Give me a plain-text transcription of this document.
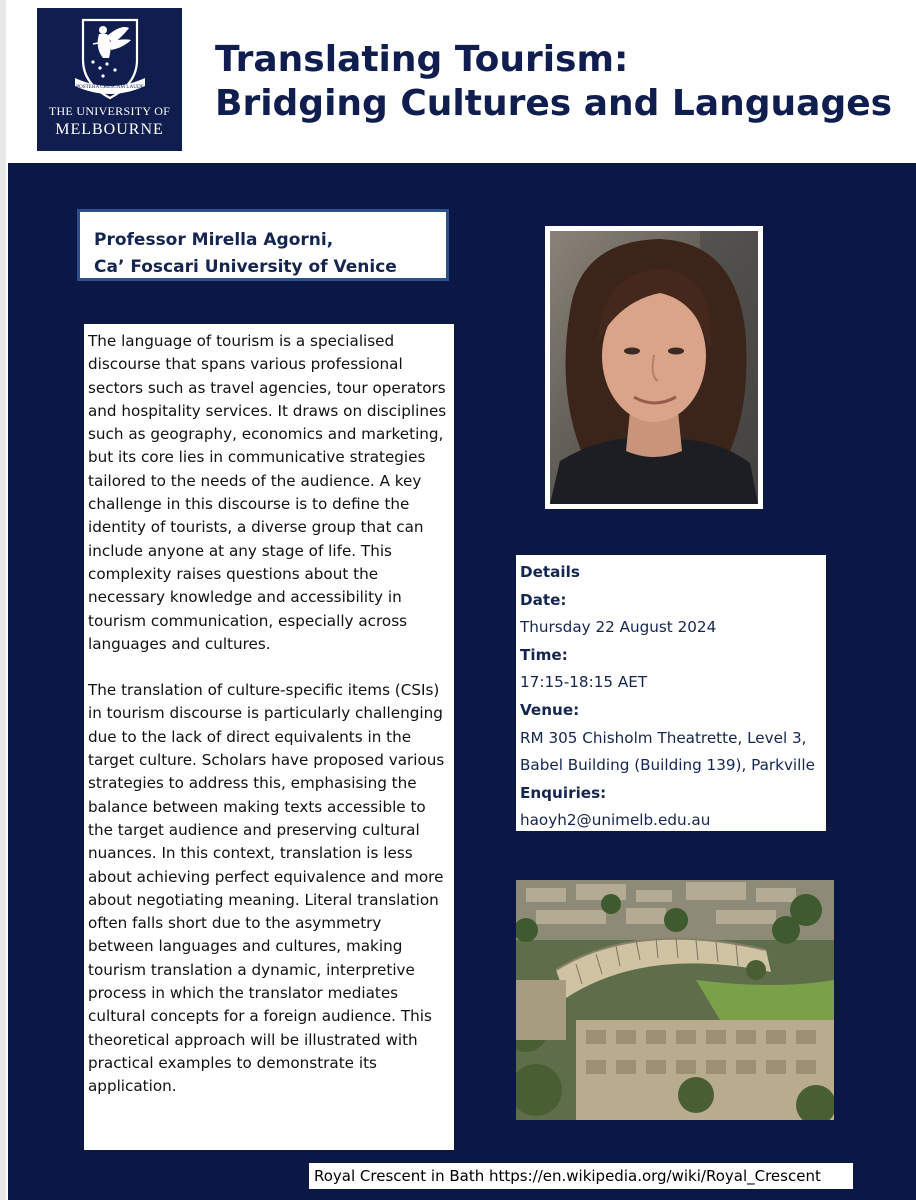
POSTERA CRESCAM LAUDE
THE UNIVERSITY OF
MELBOURNE
Translating Tourism:
Bridging Cultures and Languages
Professor Mirella Agorni,
Ca’ Foscari University of Venice

The language of tourism is a specialised discourse that spans various professional sectors such as travel agencies, tour operators and hospitality services. It draws on disciplines such as geography, economics and marketing, but its core lies in communicative strategies tailored to the needs of the audience. A key challenge in this discourse is to define the identity of tourists, a diverse group that can include anyone at any stage of life. This complexity raises questions about the necessary knowledge and accessibility in tourism communication, especially across languages and cultures.

The translation of culture-specific items (CSIs) in tourism discourse is particularly challenging due to the lack of direct equivalents in the target culture. Scholars have proposed various strategies to address this, emphasising the balance between making texts accessible to the target audience and preserving cultural nuances. In this context, translation is less about achieving perfect equivalence and more about negotiating meaning. Literal translation often falls short due to the asymmetry between languages and cultures, making tourism translation a dynamic, interpretive process in which the translator mediates cultural concepts for a foreign audience. This theoretical approach will be illustrated with practical examples to demonstrate its application.

Details
Date:
Thursday 22 August 2024
Time:
17:15-18:15 AET
Venue:
RM 305 Chisholm Theatrette, Level 3,
Babel Building (Building 139), Parkville
Enquiries:
haoyh2@unimelb.edu.au
Royal Crescent in Bath https://en.wikipedia.org/wiki/Royal_Crescent
